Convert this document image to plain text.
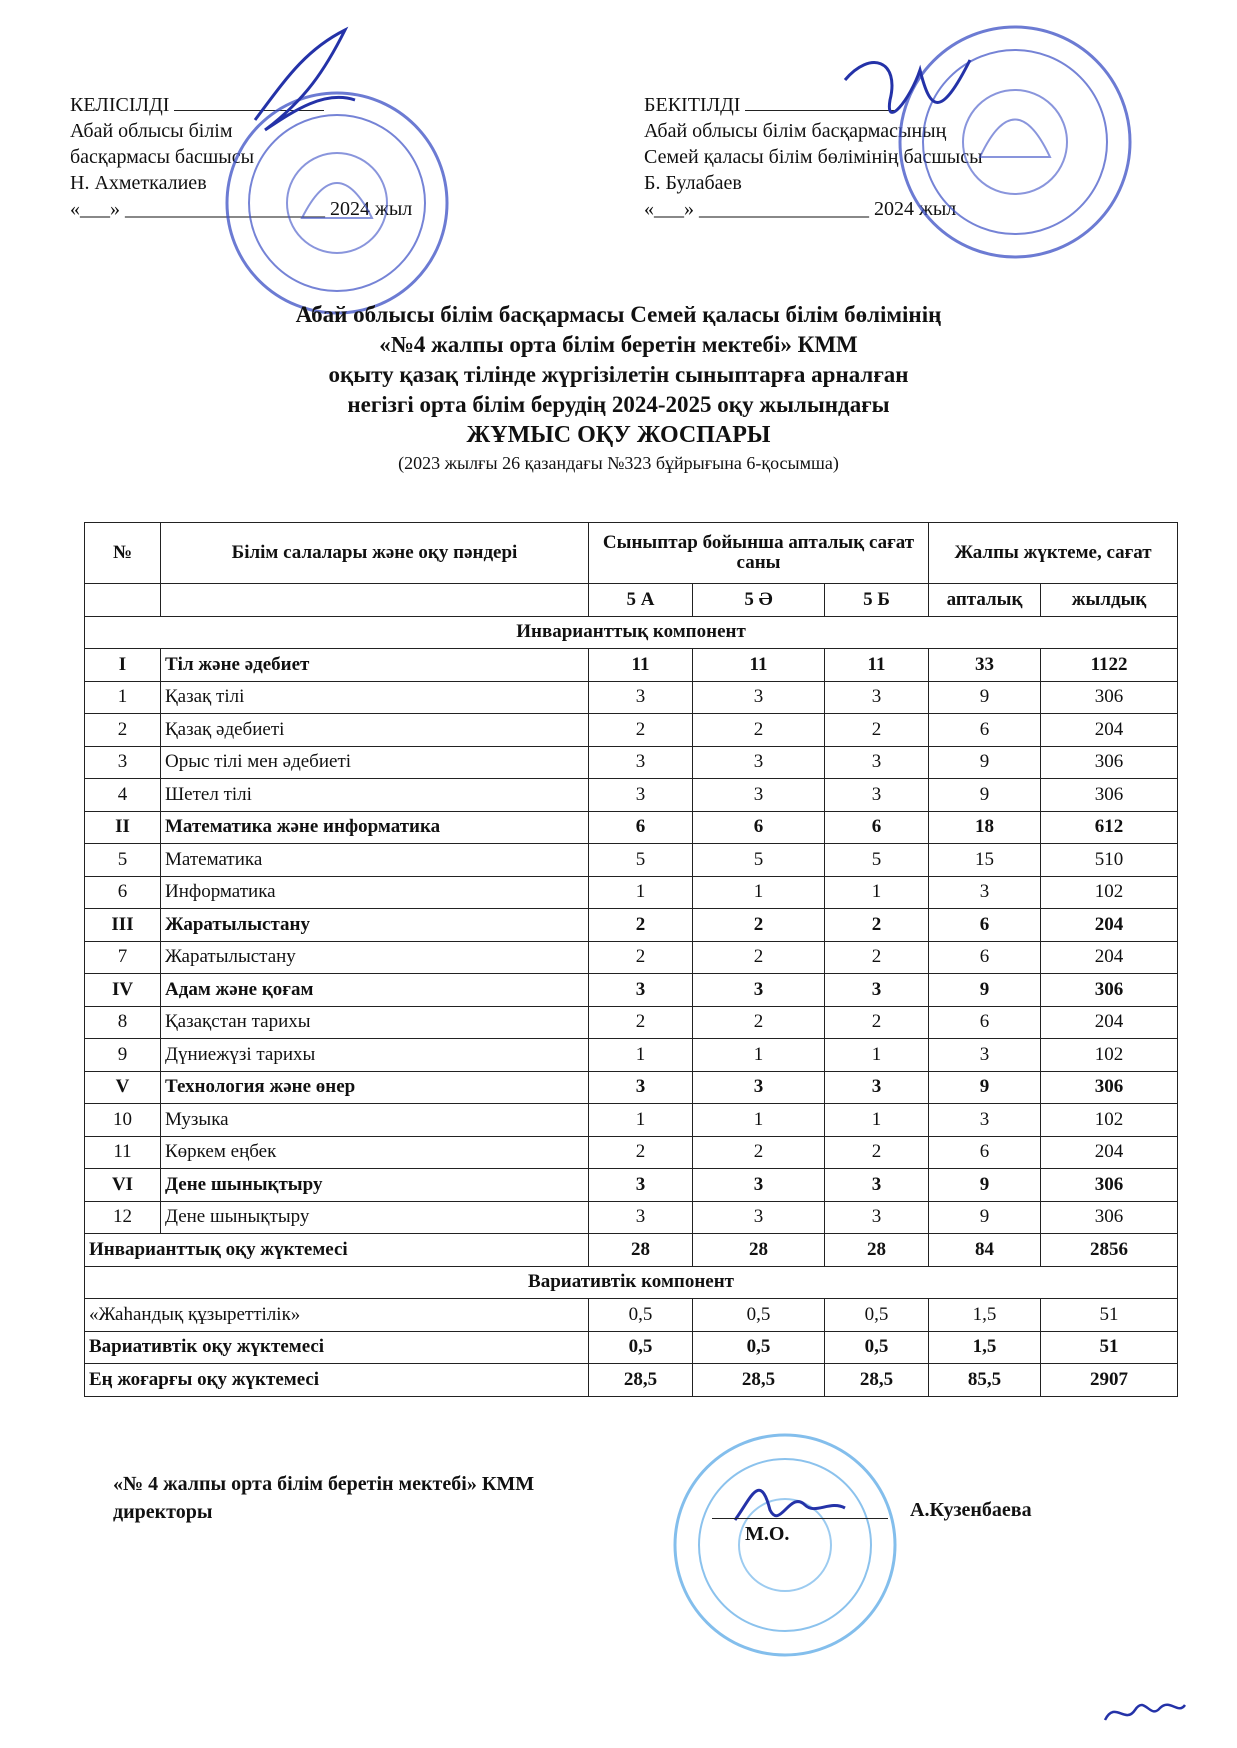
КЕЛІСІЛДІ
Абай облысы білім
басқармасы басшысы
Н. Ахметкалиев
«___» ____________________ 2024 жыл
БЕКІТІЛДІ
Абай облысы білім басқармасының
Семей қаласы білім бөлімінің басшысы
Б. Булабаев
«___» _________________ 2024 жыл
Абай облысы білім басқармасы Семей қаласы білім бөлімінің
«№4 жалпы орта білім беретін мектебі» КММ
оқыту қазақ тілінде жүргізілетін сыныптарға арналған
негізгі орта білім берудің 2024-2025 оқу жылындағы
ЖҰМЫС ОҚУ ЖОСПАРЫ
(2023 жылғы 26 қазандағы №323 бұйрығына 6-қосымша)
№	Білім салалары және оқу пәндері	Сыныптар бойынша апталық сағат саны			Жалпы жүктеме, сағат	

		5 А	5 Ә	5 Б	апталық	жылдық
Инварианттық компонент						
I	Тіл және әдебиет	11	11	11	33	1122
1	Қазақ тілі	3	3	3	9	306
2	Қазақ әдебиеті	2	2	2	6	204
3	Орыс тілі мен әдебиеті	3	3	3	9	306
4	Шетел тілі	3	3	3	9	306
II	Математика және информатика	6	6	6	18	612
5	Математика	5	5	5	15	510
6	Информатика	1	1	1	3	102
III	Жаратылыстану	2	2	2	6	204
7	Жаратылыстану	2	2	2	6	204
IV	Адам және қоғам	3	3	3	9	306
8	Қазақстан тарихы	2	2	2	6	204
9	Дүниежүзі тарихы	1	1	1	3	102
V	Технология және өнер	3	3	3	9	306
10	Музыка	1	1	1	3	102
11	Көркем еңбек	2	2	2	6	204
VI	Дене шынықтыру	3	3	3	9	306
12	Дене шынықтыру	3	3	3	9	306
Инварианттық оқу жүктемесі		28	28	28	84	2856
Вариативтік компонент						
«Жаһандық құзыреттілік»		0,5	0,5	0,5	1,5	51
Вариативтік оқу жүктемесі		0,5	0,5	0,5	1,5	51
Ең жоғарғы оқу жүктемесі		28,5	28,5	28,5	85,5	2907
«№ 4 жалпы орта білім беретін мектебі» КММ
директоры
М.О.
А.Кузенбаева
